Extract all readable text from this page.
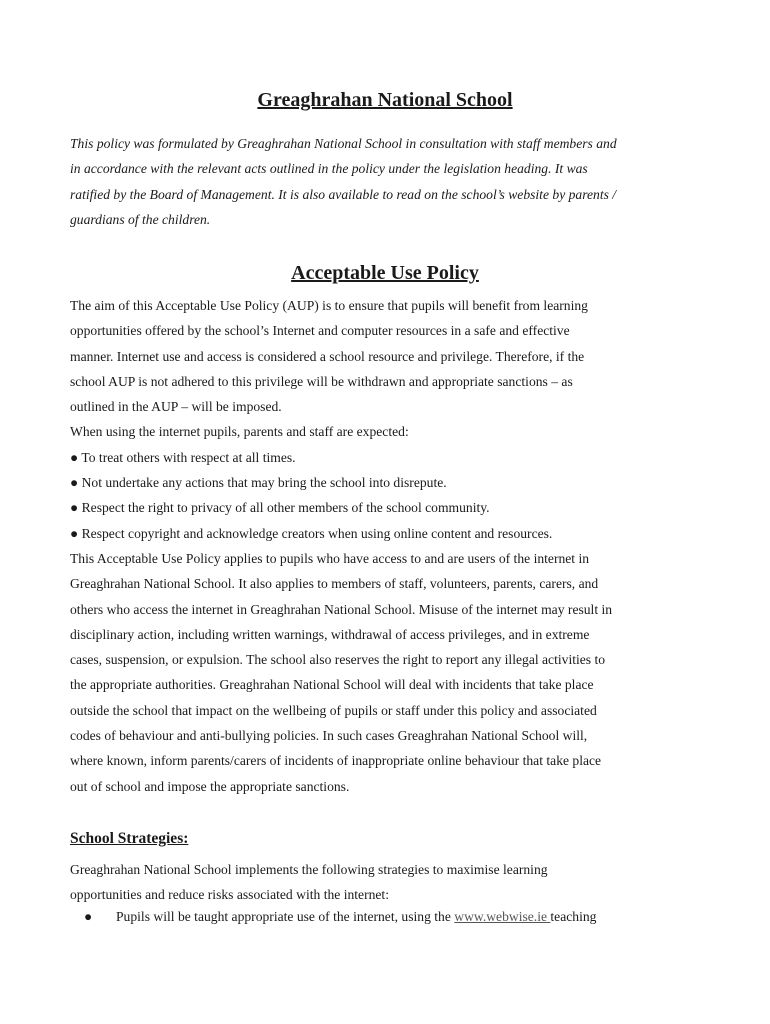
Greaghrahan National School

This policy was formulated by Greaghrahan National School in consultation with staff members and
in accordance with the relevant acts outlined in the policy under the legislation heading. It was
ratified by the Board of Management. It is also available to read on the school’s website by parents /
guardians of the children.

Acceptable Use Policy

The aim of this Acceptable Use Policy (AUP) is to ensure that pupils will benefit from learning
opportunities offered by the school’s Internet and computer resources in a safe and effective
manner. Internet use and access is considered a school resource and privilege. Therefore, if the
school AUP is not adhered to this privilege will be withdrawn and appropriate sanctions – as
outlined in the AUP – will be imposed.
When using the internet pupils, parents and staff are expected:
● To treat others with respect at all times.
● Not undertake any actions that may bring the school into disrepute.
● Respect the right to privacy of all other members of the school community.
● Respect copyright and acknowledge creators when using online content and resources.
This Acceptable Use Policy applies to pupils who have access to and are users of the internet in
Greaghrahan National School. It also applies to members of staff, volunteers, parents, carers, and
others who access the internet in Greaghrahan National School. Misuse of the internet may result in
disciplinary action, including written warnings, withdrawal of access privileges, and in extreme
cases, suspension, or expulsion. The school also reserves the right to report any illegal activities to
the appropriate authorities. Greaghrahan National School will deal with incidents that take place
outside the school that impact on the wellbeing of pupils or staff under this policy and associated
codes of behaviour and anti-bullying policies. In such cases Greaghrahan National School will,
where known, inform parents/carers of incidents of inappropriate online behaviour that take place
out of school and impose the appropriate sanctions.

School Strategies:

Greaghrahan National School implements the following strategies to maximise learning
opportunities and reduce risks associated with the internet:

● Pupils will be taught appropriate use of the internet, using the www.webwise.ie teaching
